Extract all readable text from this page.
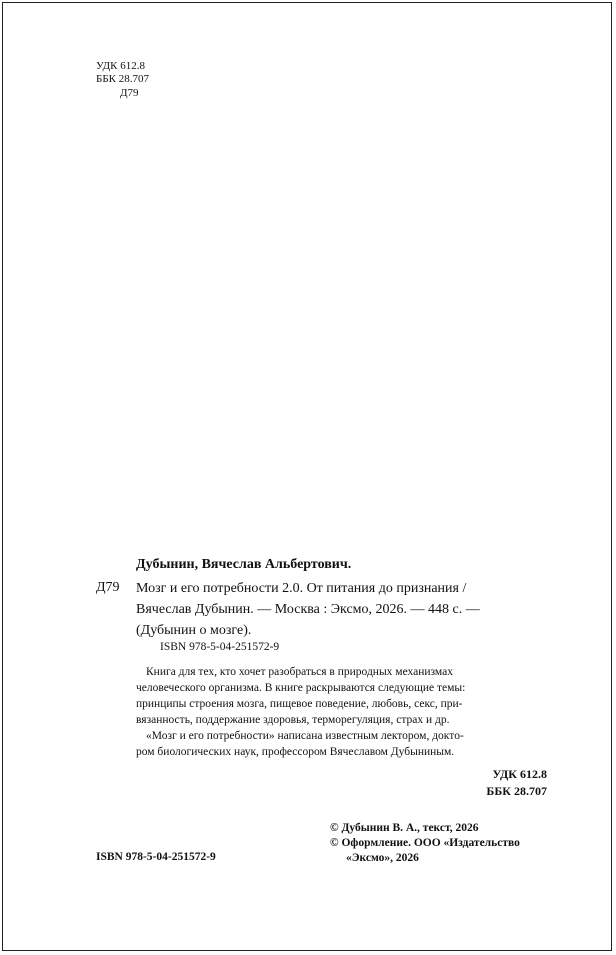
УДК 612.8
ББК 28.707
Д79
Дубынин, Вячеслав Альбертович.
Д79 Мозг и его потребности 2.0. От питания до признания /
Вячеслав Дубынин. — Москва : Эксмо, 2026. — 448 с. —
(Дубынин о мозге).
ISBN 978-5-04-251572-9
Книга для тех, кто хочет разобраться в природных механизмах
человеческого организма. В книге раскрываются следующие темы:
принципы строения мозга, пищевое поведение, любовь, секс, при-
вязанность, поддержание здоровья, терморегуляция, страх и др.
«Мозг и его потребности» написана известным лектором, доктo-
ром биологических наук, профессором Вячеславом Дубыниным.
УДК 612.8
ББК 28.707
© Дубынин В. А., текст, 2026
© Оформление. ООО «Издательство
«Эксмо», 2026
ISBN 978-5-04-251572-9
